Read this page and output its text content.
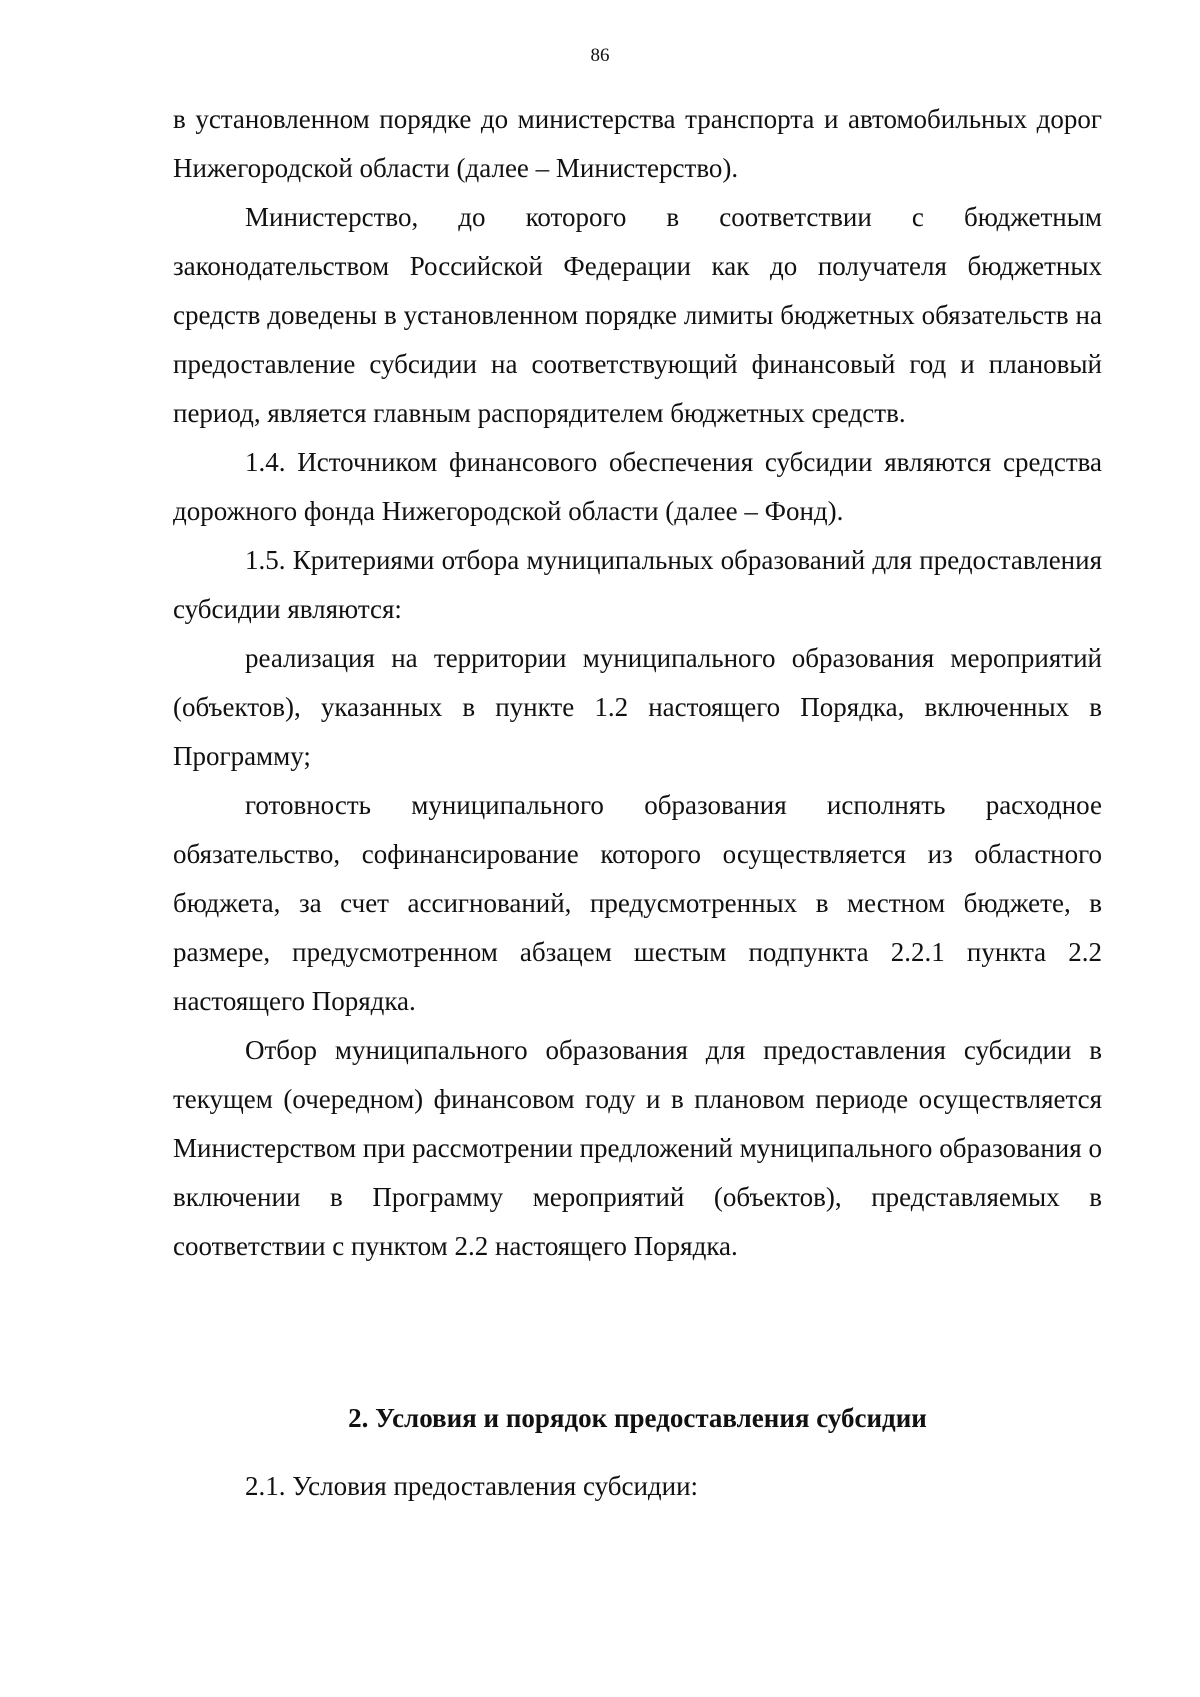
86

в установленном порядке до министерства транспорта и автомобильных дорог Нижегородской области (далее – Министерство).

Министерство, до которого в соответствии с бюджетным законодательством Российской Федерации как до получателя бюджетных средств доведены в установленном порядке лимиты бюджетных обязательств на предоставление субсидии на соответствующий финансовый год и плановый период, является главным распорядителем бюджетных средств.

1.4. Источником финансового обеспечения субсидии являются средства дорожного фонда Нижегородской области (далее – Фонд).

1.5. Критериями отбора муниципальных образований для предоставления субсидии являются:

реализация на территории муниципального образования мероприятий (объектов), указанных в пункте 1.2 настоящего Порядка, включенных в Программу;

готовность муниципального образования исполнять расходное обязательство, софинансирование которого осуществляется из областного бюджета, за счет ассигнований, предусмотренных в местном бюджете, в размере, предусмотренном абзацем шестым подпункта 2.2.1 пункта 2.2 настоящего Порядка.

Отбор муниципального образования для предоставления субсидии в текущем (очередном) финансовом году и в плановом периоде осуществляется Министерством при рассмотрении предложений муниципального образования о включении в Программу мероприятий (объектов), представляемых в соответствии с пунктом 2.2 настоящего Порядка.

2. Условия и порядок предоставления субсидии
2.1. Условия предоставления субсидии:
